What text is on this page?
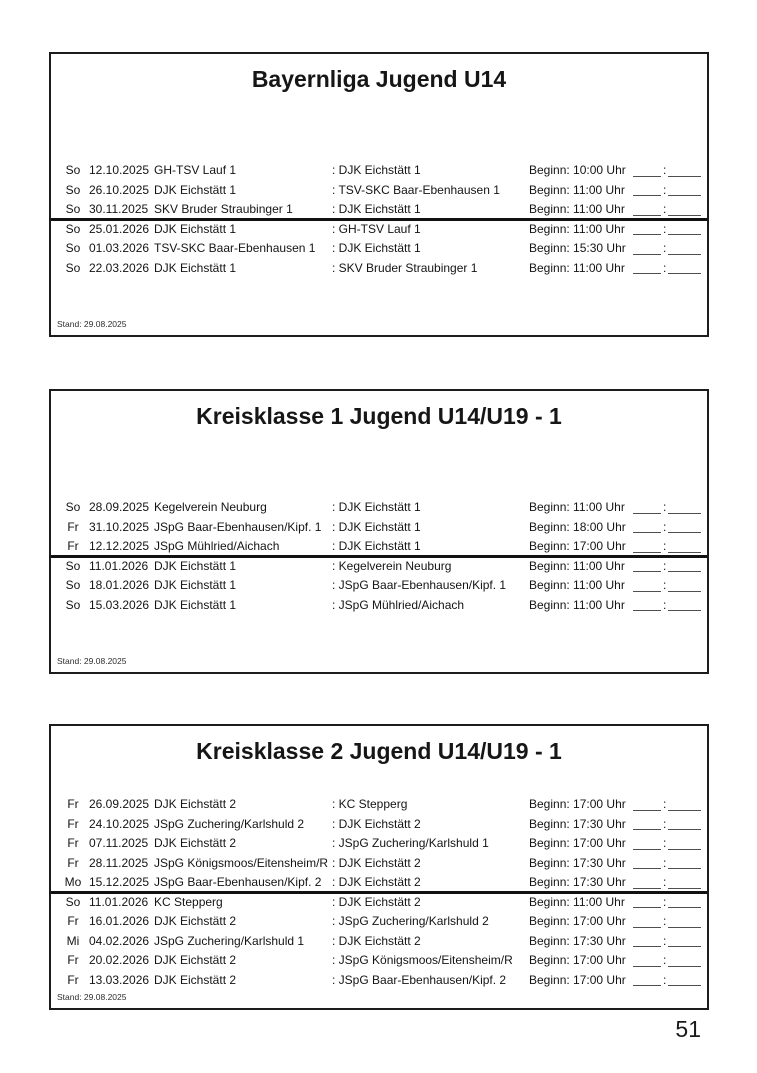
Bayernliga Jugend U14
So 12.10.2025 GH-TSV Lauf 1	: DJK Eichstätt 1	Beginn: 10:00 Uhr	:
So 26.10.2025 DJK Eichstätt 1	: TSV-SKC Baar-Ebenhausen 1	Beginn: 11:00 Uhr	:
So 30.11.2025 SKV Bruder Straubinger 1	: DJK Eichstätt 1	Beginn: 11:00 Uhr	:
So 25.01.2026 DJK Eichstätt 1	: GH-TSV Lauf 1	Beginn: 11:00 Uhr	:
So 01.03.2026 TSV-SKC Baar-Ebenhausen 1	: DJK Eichstätt 1	Beginn: 15:30 Uhr	:
So 22.03.2026 DJK Eichstätt 1	: SKV Bruder Straubinger 1	Beginn: 11:00 Uhr	:
Stand: 29.08.2025
Kreisklasse 1 Jugend U14/U19 - 1
So 28.09.2025 Kegelverein Neuburg	: DJK Eichstätt 1	Beginn: 11:00 Uhr	:
Fr 31.10.2025 JSpG Baar-Ebenhausen/Kipf. 1 : DJK Eichstätt 1	Beginn: 18:00 Uhr	:
Fr 12.12.2025 JSpG Mühlried/Aichach	: DJK Eichstätt 1	Beginn: 17:00 Uhr	:
So 11.01.2026 DJK Eichstätt 1	: Kegelverein Neuburg	Beginn: 11:00 Uhr	:
So 18.01.2026 DJK Eichstätt 1	: JSpG Baar-Ebenhausen/Kipf. 1	Beginn: 11:00 Uhr	:
So 15.03.2026 DJK Eichstätt 1	: JSpG Mühlried/Aichach	Beginn: 11:00 Uhr	:
Stand: 29.08.2025
Kreisklasse 2 Jugend U14/U19 - 1
Fr 26.09.2025 DJK Eichstätt 2	: KC Stepperg	Beginn: 17:00 Uhr	:
Fr 24.10.2025 JSpG Zuchering/Karlshuld 2	: DJK Eichstätt 2	Beginn: 17:30 Uhr	:
Fr 07.11.2025 DJK Eichstätt 2	: JSpG Zuchering/Karlshuld 1	Beginn: 17:00 Uhr	:
Fr 28.11.2025 JSpG Königsmoos/Eitensheim/R : DJK Eichstätt 2	Beginn: 17:30 Uhr	:
Mo 15.12.2025 JSpG Baar-Ebenhausen/Kipf. 2 : DJK Eichstätt 2	Beginn: 17:30 Uhr	:
So 11.01.2026 KC Stepperg	: DJK Eichstätt 2	Beginn: 11:00 Uhr	:
Fr 16.01.2026 DJK Eichstätt 2	: JSpG Zuchering/Karlshuld 2	Beginn: 17:00 Uhr	:
Mi 04.02.2026 JSpG Zuchering/Karlshuld 1	: DJK Eichstätt 2	Beginn: 17:30 Uhr	:
Fr 20.02.2026 DJK Eichstätt 2	: JSpG Königsmoos/Eitensheim/R	Beginn: 17:00 Uhr	:
Fr 13.03.2026 DJK Eichstätt 2	: JSpG Baar-Ebenhausen/Kipf. 2	Beginn: 17:00 Uhr	:
Stand: 29.08.2025
51
